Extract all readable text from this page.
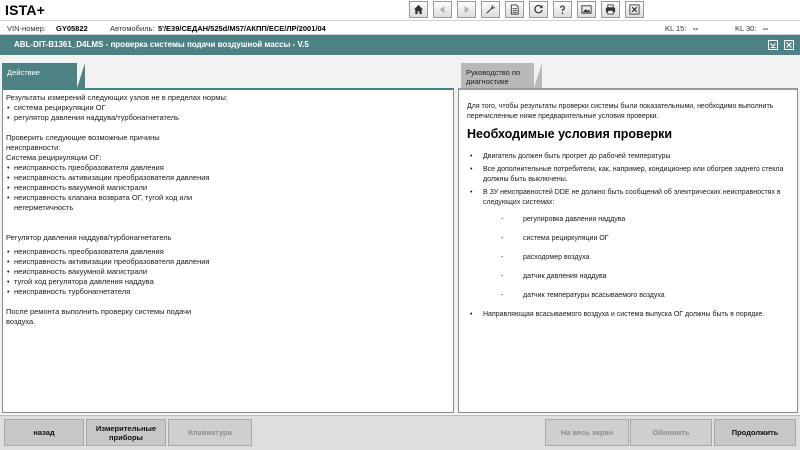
ISTA+
VIN-номер: GY05822	Автомобиль: 5'/E39/СЕДАН/525d/M57/АКПП/ЕСЕ/ЛР/2001/04	KL 15: --	KL 30: --
ABL-DIT-B1361_D4LMS - проверка системы подачи воздушной массы - V.5
Действие

Результаты измерений следующих узлов не в пределах нормы:

• система рециркуляции ОГ
• регулятор давления наддува/турбонагнетатель

Проверить следующие возможные причины неисправности:

Система рециркуляции ОГ:

• неисправность преобразователя давления
• неисправность активизации преобразователя давления
• неисправность вакуумной магистрали
• неисправность клапана возврата ОГ, тугой ход или негерметичность

Регулятор давления наддува/турбонагнетатель

• неисправность преобразователя давления
• неисправность активизации преобразователя давления
• неисправность вакуумной магистрали
• тугой ход регулятора давления наддува
• неисправность турбонагнетателя

После ремонта выполнить проверку системы подачи воздуха.

Руководство по диагностике

Для того, чтобы результаты проверки системы были показательными, необходимо выполнить перечисленные ниже предварительные условия проверки.

Необходимые условия проверки
• Двигатель должен быть прогрет до рабочей температуры
• Все дополнительные потребители, как, например, кондиционер или обогрев заднего стекла должны быть выключены.
• В ЗУ неисправностей DDE не должно быть сообщений об электрических неисправностях в следующих системах:
- регулировка давления наддува
- система рециркуляции ОГ
- расходомер воздуха
- датчик давления наддува
- датчик температуры всасываемого воздуха
• Направляющая всасываемого воздуха и система выпуска ОГ должны быть в порядке.
назад	Измерительные приборы	Клавиатура	На весь экран	Обновить	Продолжить
